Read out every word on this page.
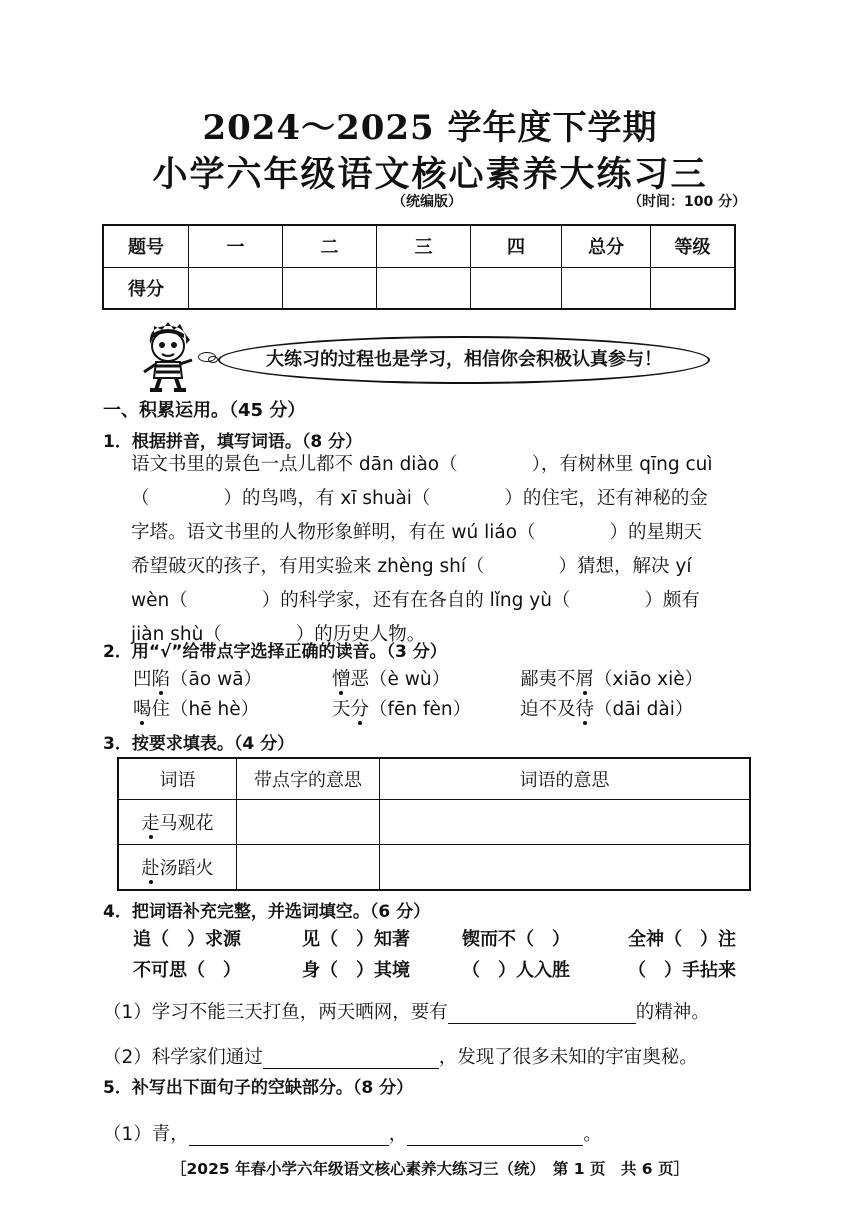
2024～2025 学年度下学期
小学六年级语文核心素养大练习三
（统编版）	（时间：100 分）
题号	一	二	三	四	总分	等级
得分						
大练习的过程也是学习，相信你会积极认真参与！
一、积累运用。（45 分）
1．根据拼音，填写词语。（8 分）
语文书里的景色一点儿都不 dān diào（　　　　），有树林里 qīng cuì
（　　　　）的鸟鸣，有 xī shuài（　　　　）的住宅，还有神秘的金
字塔。语文书里的人物形象鲜明，有在 wú liáo（　　　　）的星期天
希望破灭的孩子，有用实验来 zhèng shí（　　　　）猜想，解决 yí
wèn（　　　　）的科学家，还有在各自的 lǐng yù（　　　　）颇有
jiàn shù（　　　　）的历史人物。
2．用“√”给带点字选择正确的读音。（3 分）
凹陷（āo wā）	憎恶（è wù）	鄙夷不屑（xiāo xiè）
喝住（hē hè）	天分（fēn fèn）	迫不及待（dāi dài）
3．按要求填表。（4 分）
词语	带点字的意思	词语的意思
走马观花		
赴汤蹈火		
4．把词语补充完整，并选词填空。（6 分）
追（　）求源	见（　）知著	锲而不（　）	全神（　）注
不可思（　）	身（　）其境	（　）人入胜	（　）手拈来
（1）学习不能三天打鱼，两天晒网，要有	的精神。
（2）科学家们通过	，发现了很多未知的宇宙奥秘。
5．补写出下面句子的空缺部分。（8 分）
（1）青，	，	。
［2025 年春小学六年级语文核心素养大练习三（统）　第 1 页　共 6 页］
